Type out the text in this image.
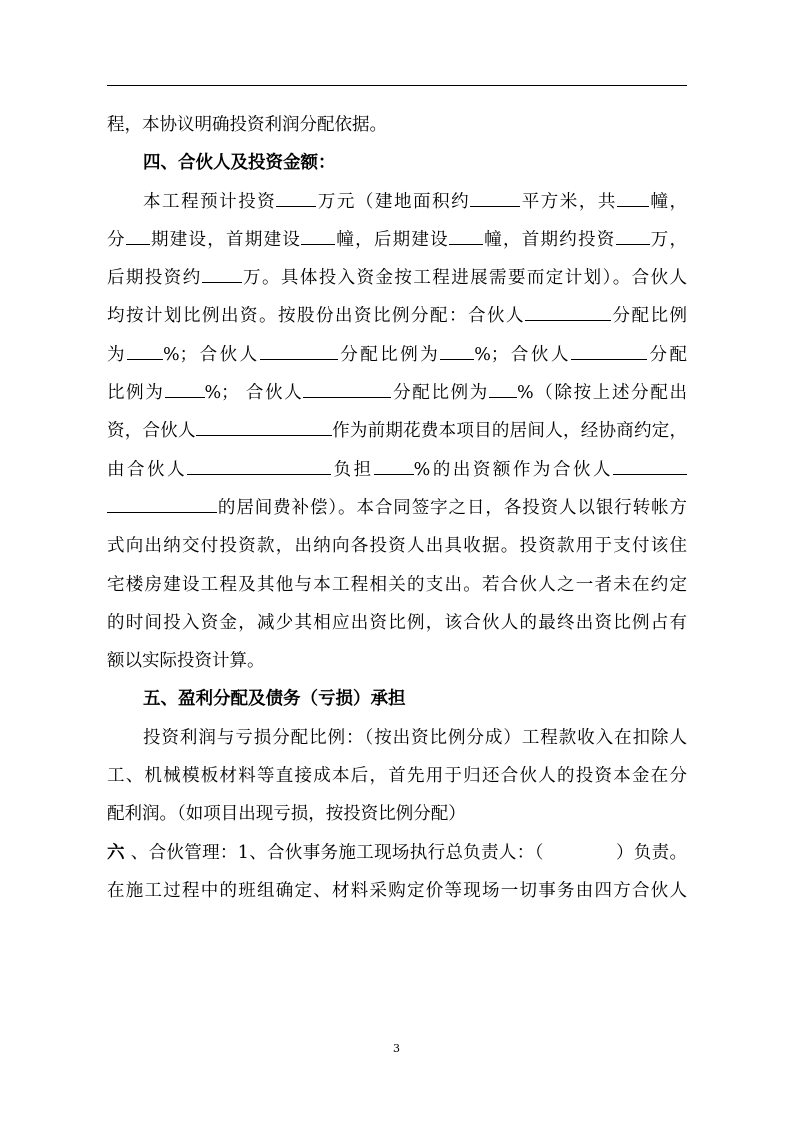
程，本协议明确投资利润分配依据。
四、合伙人及投资金额：
本工程预计投资 万元（建地面积约	平方米，共 幢，
分 期建设，首期建设 幢，后期建设 幢，首期约投资 万，
后期投资约 万。具体投入资金按工程进展需要而定计划）。合伙人
均按计划比例出资。按股份出资比例分配：合伙人	分配比例
为 %；合伙人	分配比例为 %；合伙人	分配
比例为 %； 合伙人	分配比例为 %（除按上述分配出
资，合伙人	作为前期花费本项目的居间人，经协商约定，
由合伙人	负担 %的出资额作为合伙人
的居间费补偿）。本合同签字之日，各投资人以银行转帐方
式向出纳交付投资款，出纳向各投资人出具收据。投资款用于支付该住
宅楼房建设工程及其他与本工程相关的支出。若合伙人之一者未在约定
的时间投入资金，减少其相应出资比例，该合伙人的最终出资比例占有
额以实际投资计算。
五、盈利分配及债务（亏损）承担
投资利润与亏损分配比例：（按出资比例分成）工程款收入在扣除人
工、机械模板材料等直接成本后，首先用于归还合伙人的投资本金在分
配利润。（如项目出现亏损，按投资比例分配）
六 、合伙管理：1、合伙事务施工现场执行总负责人：（	）负责。
在施工过程中的班组确定、材料采购定价等现场一切事务由四方合伙人
3
